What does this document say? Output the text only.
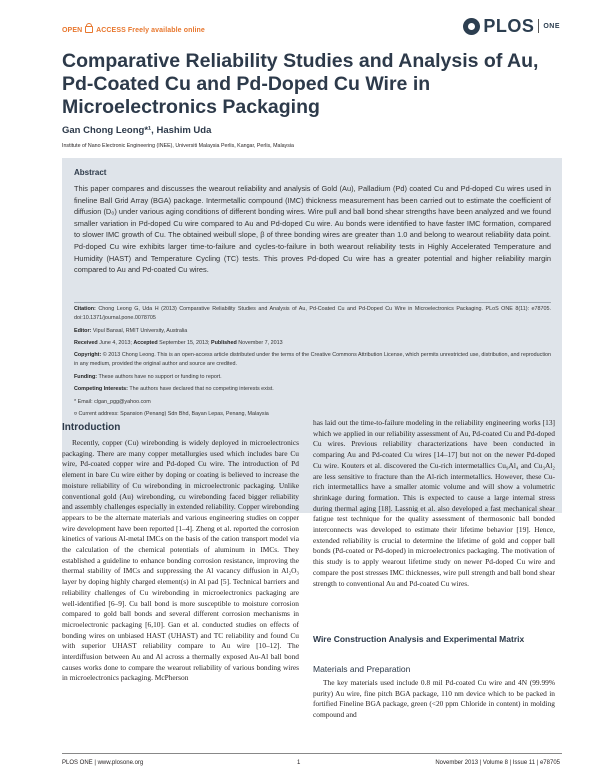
OPEN ACCESS Freely available online	PLOS ONE
Comparative Reliability Studies and Analysis of Au, Pd-Coated Cu and Pd-Doped Cu Wire in Microelectronics Packaging
Gan Chong Leong*¹, Hashim Uda
Institute of Nano Electronic Engineering (INEE), Universiti Malaysia Perlis, Kangar, Perlis, Malaysia
Abstract
This paper compares and discusses the wearout reliability and analysis of Gold (Au), Palladium (Pd) coated Cu and Pd-doped Cu wires used in fineline Ball Grid Array (BGA) package. Intermetallic compound (IMC) thickness measurement has been carried out to estimate the coefficient of diffusion (D₀) under various aging conditions of different bonding wires. Wire pull and ball bond shear strengths have been analyzed and we found smaller variation in Pd-doped Cu wire compared to Au and Pd-doped Cu wire. Au bonds were identified to have faster IMC formation, compared to slower IMC growth of Cu. The obtained weibull slope, β of three bonding wires are greater than 1.0 and belong to wearout reliability data point. Pd-doped Cu wire exhibits larger time-to-failure and cycles-to-failure in both wearout reliability tests in Highly Accelerated Temperature and Humidity (HAST) and Temperature Cycling (TC) tests. This proves Pd-doped Cu wire has a greater potential and higher reliability margin compared to Au and Pd-coated Cu wires.
Citation: Chong Leong G, Uda H (2013) Comparative Reliability Studies and Analysis of Au, Pd-Coated Cu and Pd-Doped Cu Wire in Microelectronics Packaging. PLoS ONE 8(11): e78705. doi:10.1371/journal.pone.0078705
Editor: Vipul Bansal, RMIT University, Australia
Received June 4, 2013; Accepted September 15, 2013; Published November 7, 2013
Copyright: © 2013 Chong Leong. This is an open-access article distributed under the terms of the Creative Commons Attribution License, which permits unrestricted use, distribution, and reproduction in any medium, provided the original author and source are credited.
Funding: These authors have no support or funding to report.
Competing Interests: The authors have declared that no competing interests exist.
* Email: clgan_pgg@yahoo.com
¤ Current address: Spansion (Penang) Sdn Bhd, Bayan Lepas, Penang, Malaysia
Introduction

Recently, copper (Cu) wirebonding is widely deployed in microelectronics packaging. There are many copper metallurgies used which includes bare Cu wire, Pd-coated copper wire and Pd-doped Cu wire. The introduction of Pd element in bare Cu wire either by doping or coating is believed to increase the moisture reliability of Cu wirebonding in microelectronic packaging. Unlike conventional gold (Au) wirebonding, cu wirebonding faced bigger reliability and assembly challenges especially in extended reliability. Copper wirebonding appears to be the alternate materials and various engineering studies on copper wire development have been reported [1–4]. Zheng et al. reported the corrosion kinetics of various Al-metal IMCs on the basis of the cation transport model via the calculation of the chemical potentials of aluminum in IMCs. They established a guideline to enhance bonding corrosion resistance, improving the thermal stability of IMCs and suppressing the Al vacancy diffusion in Al₂O₃ layer by doping highly charged element(s) in Al pad [5]. Technical barriers and reliability challenges of Cu wirebonding in microelectronics packaging are well-identified [6–9]. Cu ball bond is more susceptible to moisture corrosion compared to gold ball bonds and several different corrosion mechanisms in microelectronic packaging [6,10]. Gan et al. conducted studies on effects of bonding wires on unbiased HAST (UHAST) and TC reliability and found Cu with superior UHAST reliability compare to Au wire [10–12]. The interdiffusion between Au and Al across a thermally exposed Au-Al ball bond causes works done to compare the wearout reliability of various bonding wires in microelectronics packaging. McPherson

has laid out the time-to-failure modeling in the reliability engineering works [13] which we applied in our reliability assessment of Au, Pd-coated Cu and Pd-doped Cu wires. Previous reliability characterizations have been conducted in comparing Au and Pd-coated Cu wires [14–17] but not on the newer Pd-doped Cu wire. Kouters et al. discovered the Cu-rich intermetallics Cu₉Al₄ and Cu₃Al₂ are less sensitive to fracture than the Al-rich intermetallics. However, these Cu-rich intermetallics have a smaller atomic volume and will show a volumetric shrinkage during formation. This is expected to cause a large internal stress during thermal aging [18]. Lassnig et al. also developed a fast mechanical shear fatigue test technique for the quality assessment of thermosonic ball bonded interconnects was developed to estimate their lifetime behavior [19]. Hence, extended reliability is crucial to determine the lifetime of gold and copper ball bonds (Pd-coated or Pd-doped) in microelectronics packaging. The motivation of this study is to apply wearout lifetime study on newer Pd-doped Cu wire and compare the post stresses IMC thicknesses, wire pull strength and ball bond shear strength to conventional Au and Pd-coated Cu wires.

Wire Construction Analysis and Experimental Matrix
Materials and Preparation

The key materials used include 0.8 mil Pd-coated Cu wire and 4N (99.99% purity) Au wire, fine pitch BGA package, 110 nm device which to be packed in fortified Fineline BGA package, green (<20 ppm Chloride in content) in molding compound and

PLOS ONE | www.plosone.org	1	November 2013 | Volume 8 | Issue 11 | e78705
